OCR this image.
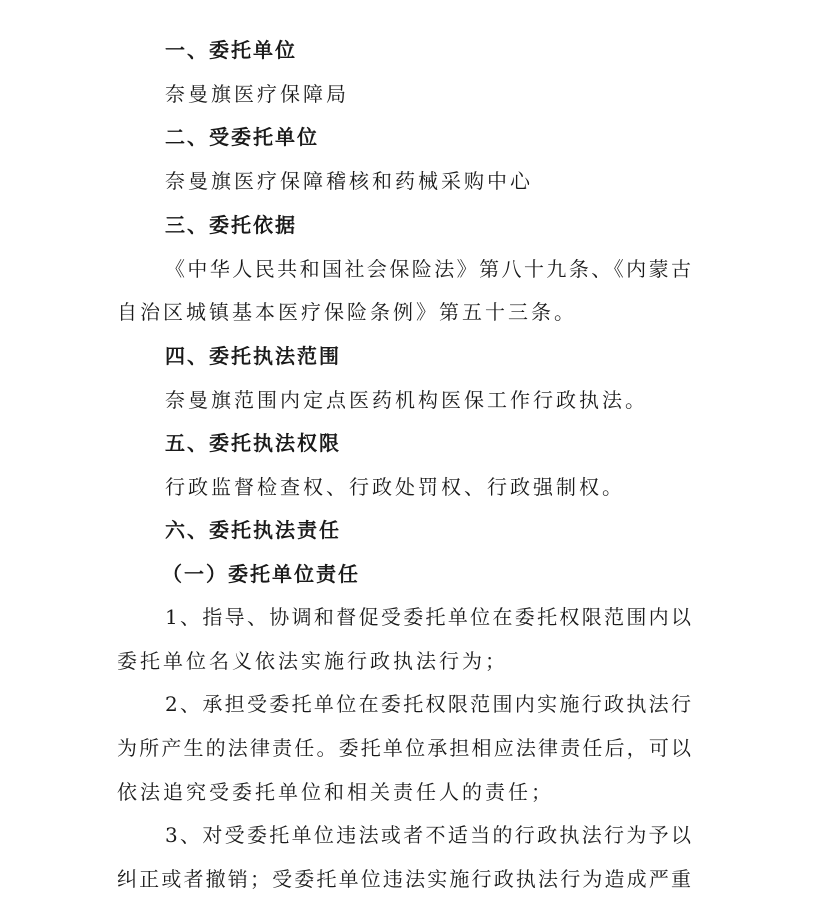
一、委托单位
奈曼旗医疗保障局
二、受委托单位
奈曼旗医疗保障稽核和药械采购中心
三、委托依据
《中华人民共和国社会保险法》第八十九条、《内蒙古
自治区城镇基本医疗保险条例》第五十三条。
四、委托执法范围
奈曼旗范围内定点医药机构医保工作行政执法。
五、委托执法权限
行政监督检查权、行政处罚权、行政强制权。
六、委托执法责任
（一）委托单位责任
1、指导、协调和督促受委托单位在委托权限范围内以
委托单位名义依法实施行政执法行为；
2、承担受委托单位在委托权限范围内实施行政执法行
为所产生的法律责任。委托单位承担相应法律责任后，可以
依法追究受委托单位和相关责任人的责任；
3、对受委托单位违法或者不适当的行政执法行为予以
纠正或者撤销；受委托单位违法实施行政执法行为造成严重
